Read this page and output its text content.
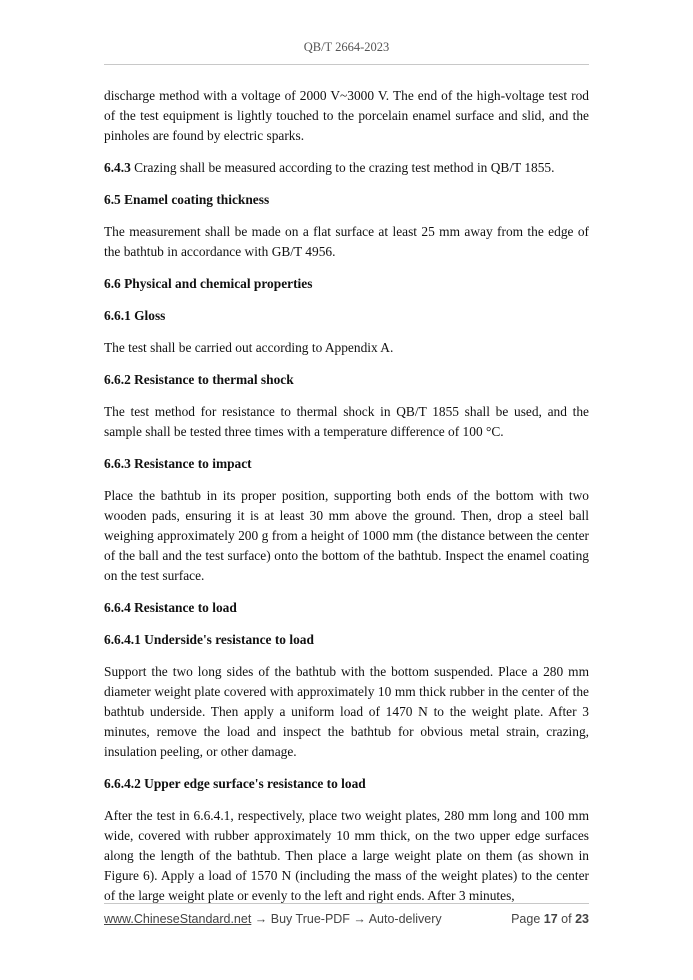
QB/T 2664-2023

discharge method with a voltage of 2000 V~3000 V. The end of the high-voltage test rod of the test equipment is lightly touched to the porcelain enamel surface and slid, and the pinholes are found by electric sparks.

6.4.3 Crazing shall be measured according to the crazing test method in QB/T 1855.

6.5 Enamel coating thickness

The measurement shall be made on a flat surface at least 25 mm away from the edge of the bathtub in accordance with GB/T 4956.

6.6 Physical and chemical properties
6.6.1 Gloss

The test shall be carried out according to Appendix A.

6.6.2 Resistance to thermal shock

The test method for resistance to thermal shock in QB/T 1855 shall be used, and the sample shall be tested three times with a temperature difference of 100 °C.

6.6.3 Resistance to impact

Place the bathtub in its proper position, supporting both ends of the bottom with two wooden pads, ensuring it is at least 30 mm above the ground. Then, drop a steel ball weighing approximately 200 g from a height of 1000 mm (the distance between the center of the ball and the test surface) onto the bottom of the bathtub. Inspect the enamel coating on the test surface.

6.6.4 Resistance to load
6.6.4.1 Underside's resistance to load

Support the two long sides of the bathtub with the bottom suspended. Place a 280 mm diameter weight plate covered with approximately 10 mm thick rubber in the center of the bathtub underside. Then apply a uniform load of 1470 N to the weight plate. After 3 minutes, remove the load and inspect the bathtub for obvious metal strain, crazing, insulation peeling, or other damage.

6.6.4.2 Upper edge surface's resistance to load

After the test in 6.6.4.1, respectively, place two weight plates, 280 mm long and 100 mm wide, covered with rubber approximately 10 mm thick, on the two upper edge surfaces along the length of the bathtub. Then place a large weight plate on them (as shown in Figure 6). Apply a load of 1570 N (including the mass of the weight plates) to the center of the large weight plate or evenly to the left and right ends. After 3 minutes,

www.ChineseStandard.net → Buy True-PDF → Auto-delivery	Page 17 of 23
